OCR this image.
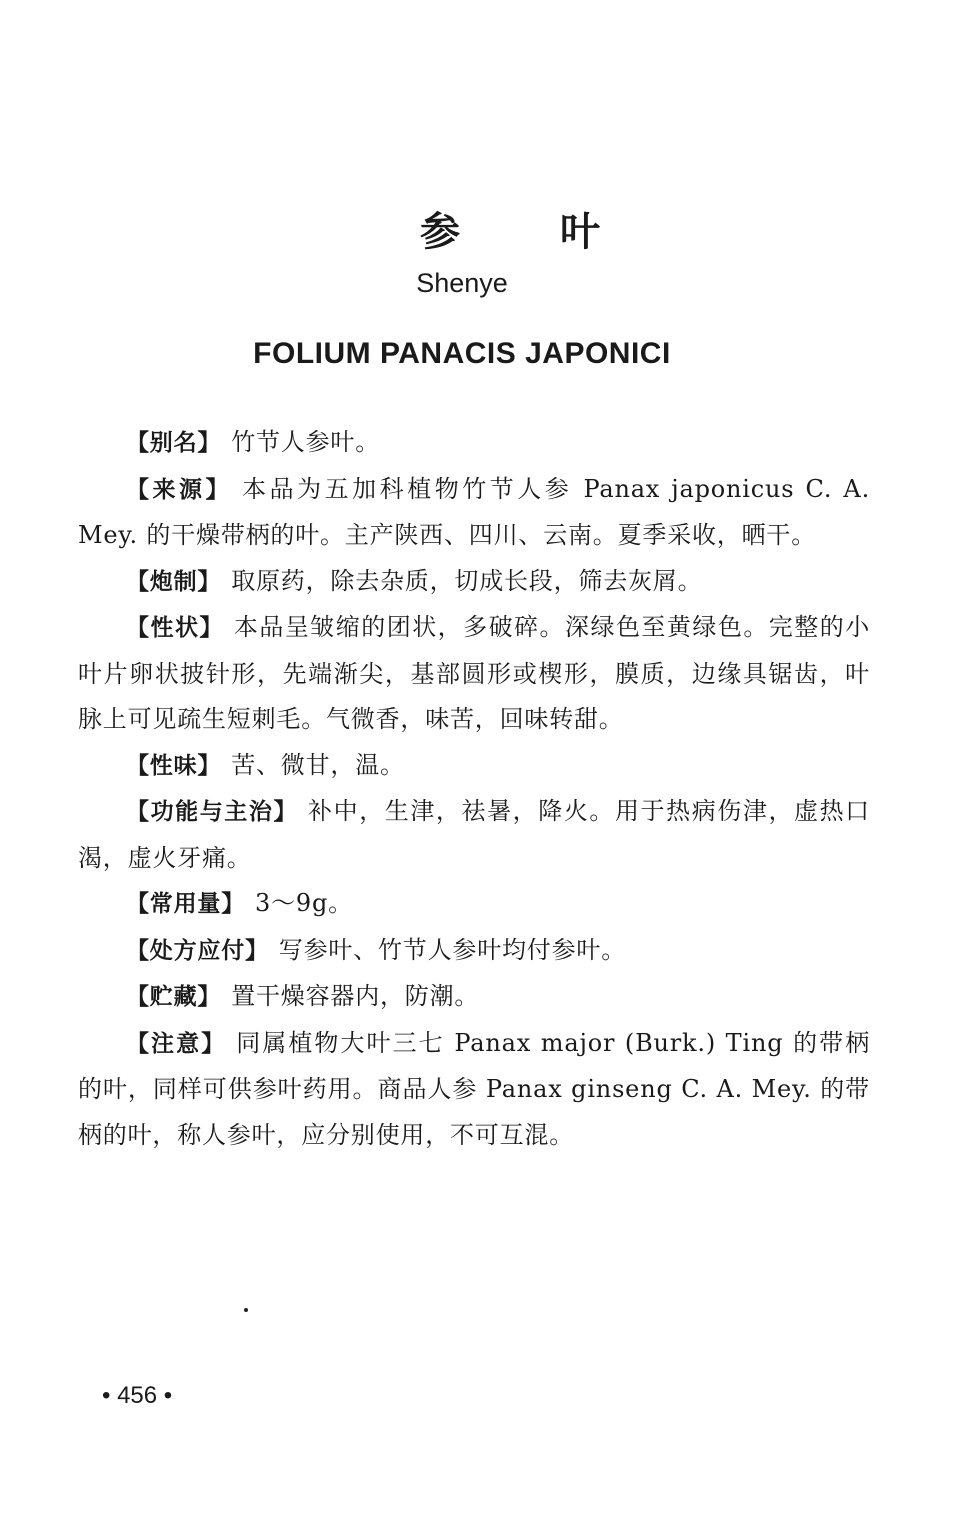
参叶
Shenye
FOLIUM PANACIS JAPONICI

【别名】 竹节人参叶。

【来源】 本品为五加科植物竹节人参 Panax japonicus C. A. Mey. 的干燥带柄的叶。主产陕西、四川、云南。夏季采收，晒干。

【炮制】 取原药，除去杂质，切成长段，筛去灰屑。

【性状】 本品呈皱缩的团状，多破碎。深绿色至黄绿色。完整的小叶片卵状披针形，先端渐尖，基部圆形或楔形，膜质，边缘具锯齿，叶脉上可见疏生短刺毛。气微香，味苦，回味转甜。

【性味】 苦、微甘，温。

【功能与主治】 补中，生津，祛暑，降火。用于热病伤津，虚热口渴，虚火牙痛。

【常用量】 3～9g。

【处方应付】 写参叶、竹节人参叶均付参叶。

【贮藏】 置干燥容器内，防潮。

【注意】 同属植物大叶三七 Panax major (Burk.) Ting 的带柄的叶，同样可供参叶药用。商品人参 Panax ginseng C. A. Mey. 的带柄的叶，称人参叶，应分别使用，不可互混。

• 456 •
